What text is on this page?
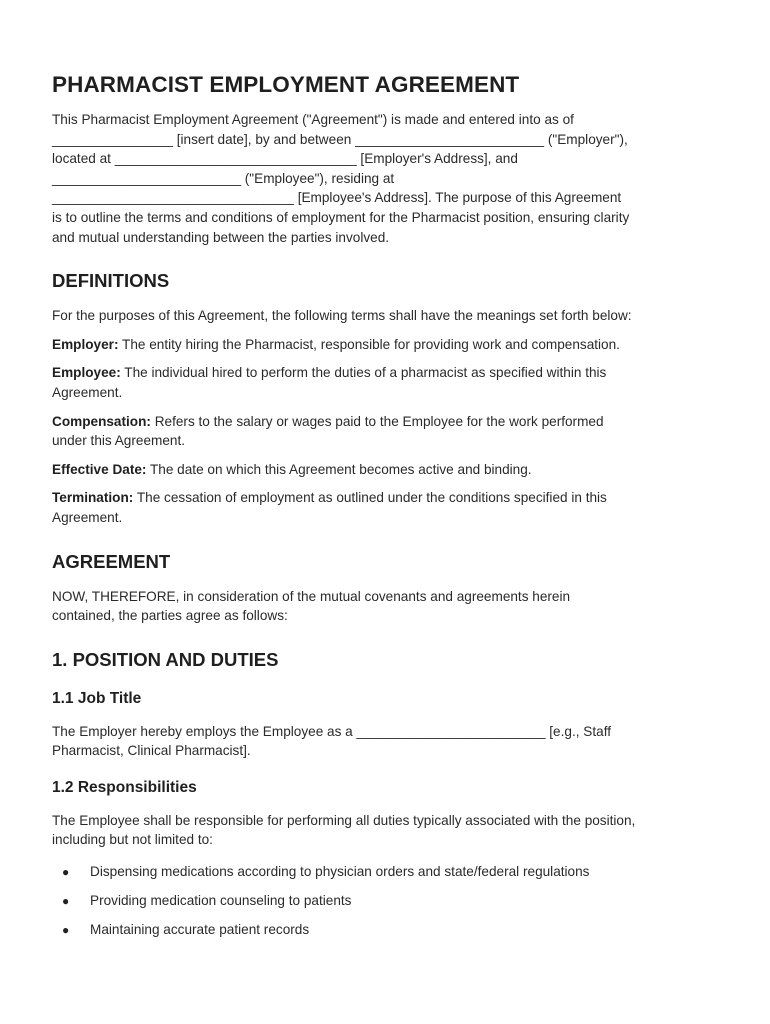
PHARMACIST EMPLOYMENT AGREEMENT

This Pharmacist Employment Agreement ("Agreement") is made and entered into as of
________________ [insert date], by and between _________________________ ("Employer"),
located at ________________________________ [Employer's Address], and
_________________________ ("Employee"), residing at
________________________________ [Employee's Address]. The purpose of this Agreement
is to outline the terms and conditions of employment for the Pharmacist position, ensuring clarity
and mutual understanding between the parties involved.

DEFINITIONS

For the purposes of this Agreement, the following terms shall have the meanings set forth below:

Employer: The entity hiring the Pharmacist, responsible for providing work and compensation.

Employee: The individual hired to perform the duties of a pharmacist as specified within this
Agreement.

Compensation: Refers to the salary or wages paid to the Employee for the work performed
under this Agreement.

Effective Date: The date on which this Agreement becomes active and binding.

Termination: The cessation of employment as outlined under the conditions specified in this
Agreement.

AGREEMENT

NOW, THEREFORE, in consideration of the mutual covenants and agreements herein
contained, the parties agree as follows:

1. POSITION AND DUTIES
1.1 Job Title

The Employer hereby employs the Employee as a _________________________ [e.g., Staff
Pharmacist, Clinical Pharmacist].

1.2 Responsibilities

The Employee shall be responsible for performing all duties typically associated with the position,
including but not limited to:

● Dispensing medications according to physician orders and state/federal regulations
● Providing medication counseling to patients
● Maintaining accurate patient records
